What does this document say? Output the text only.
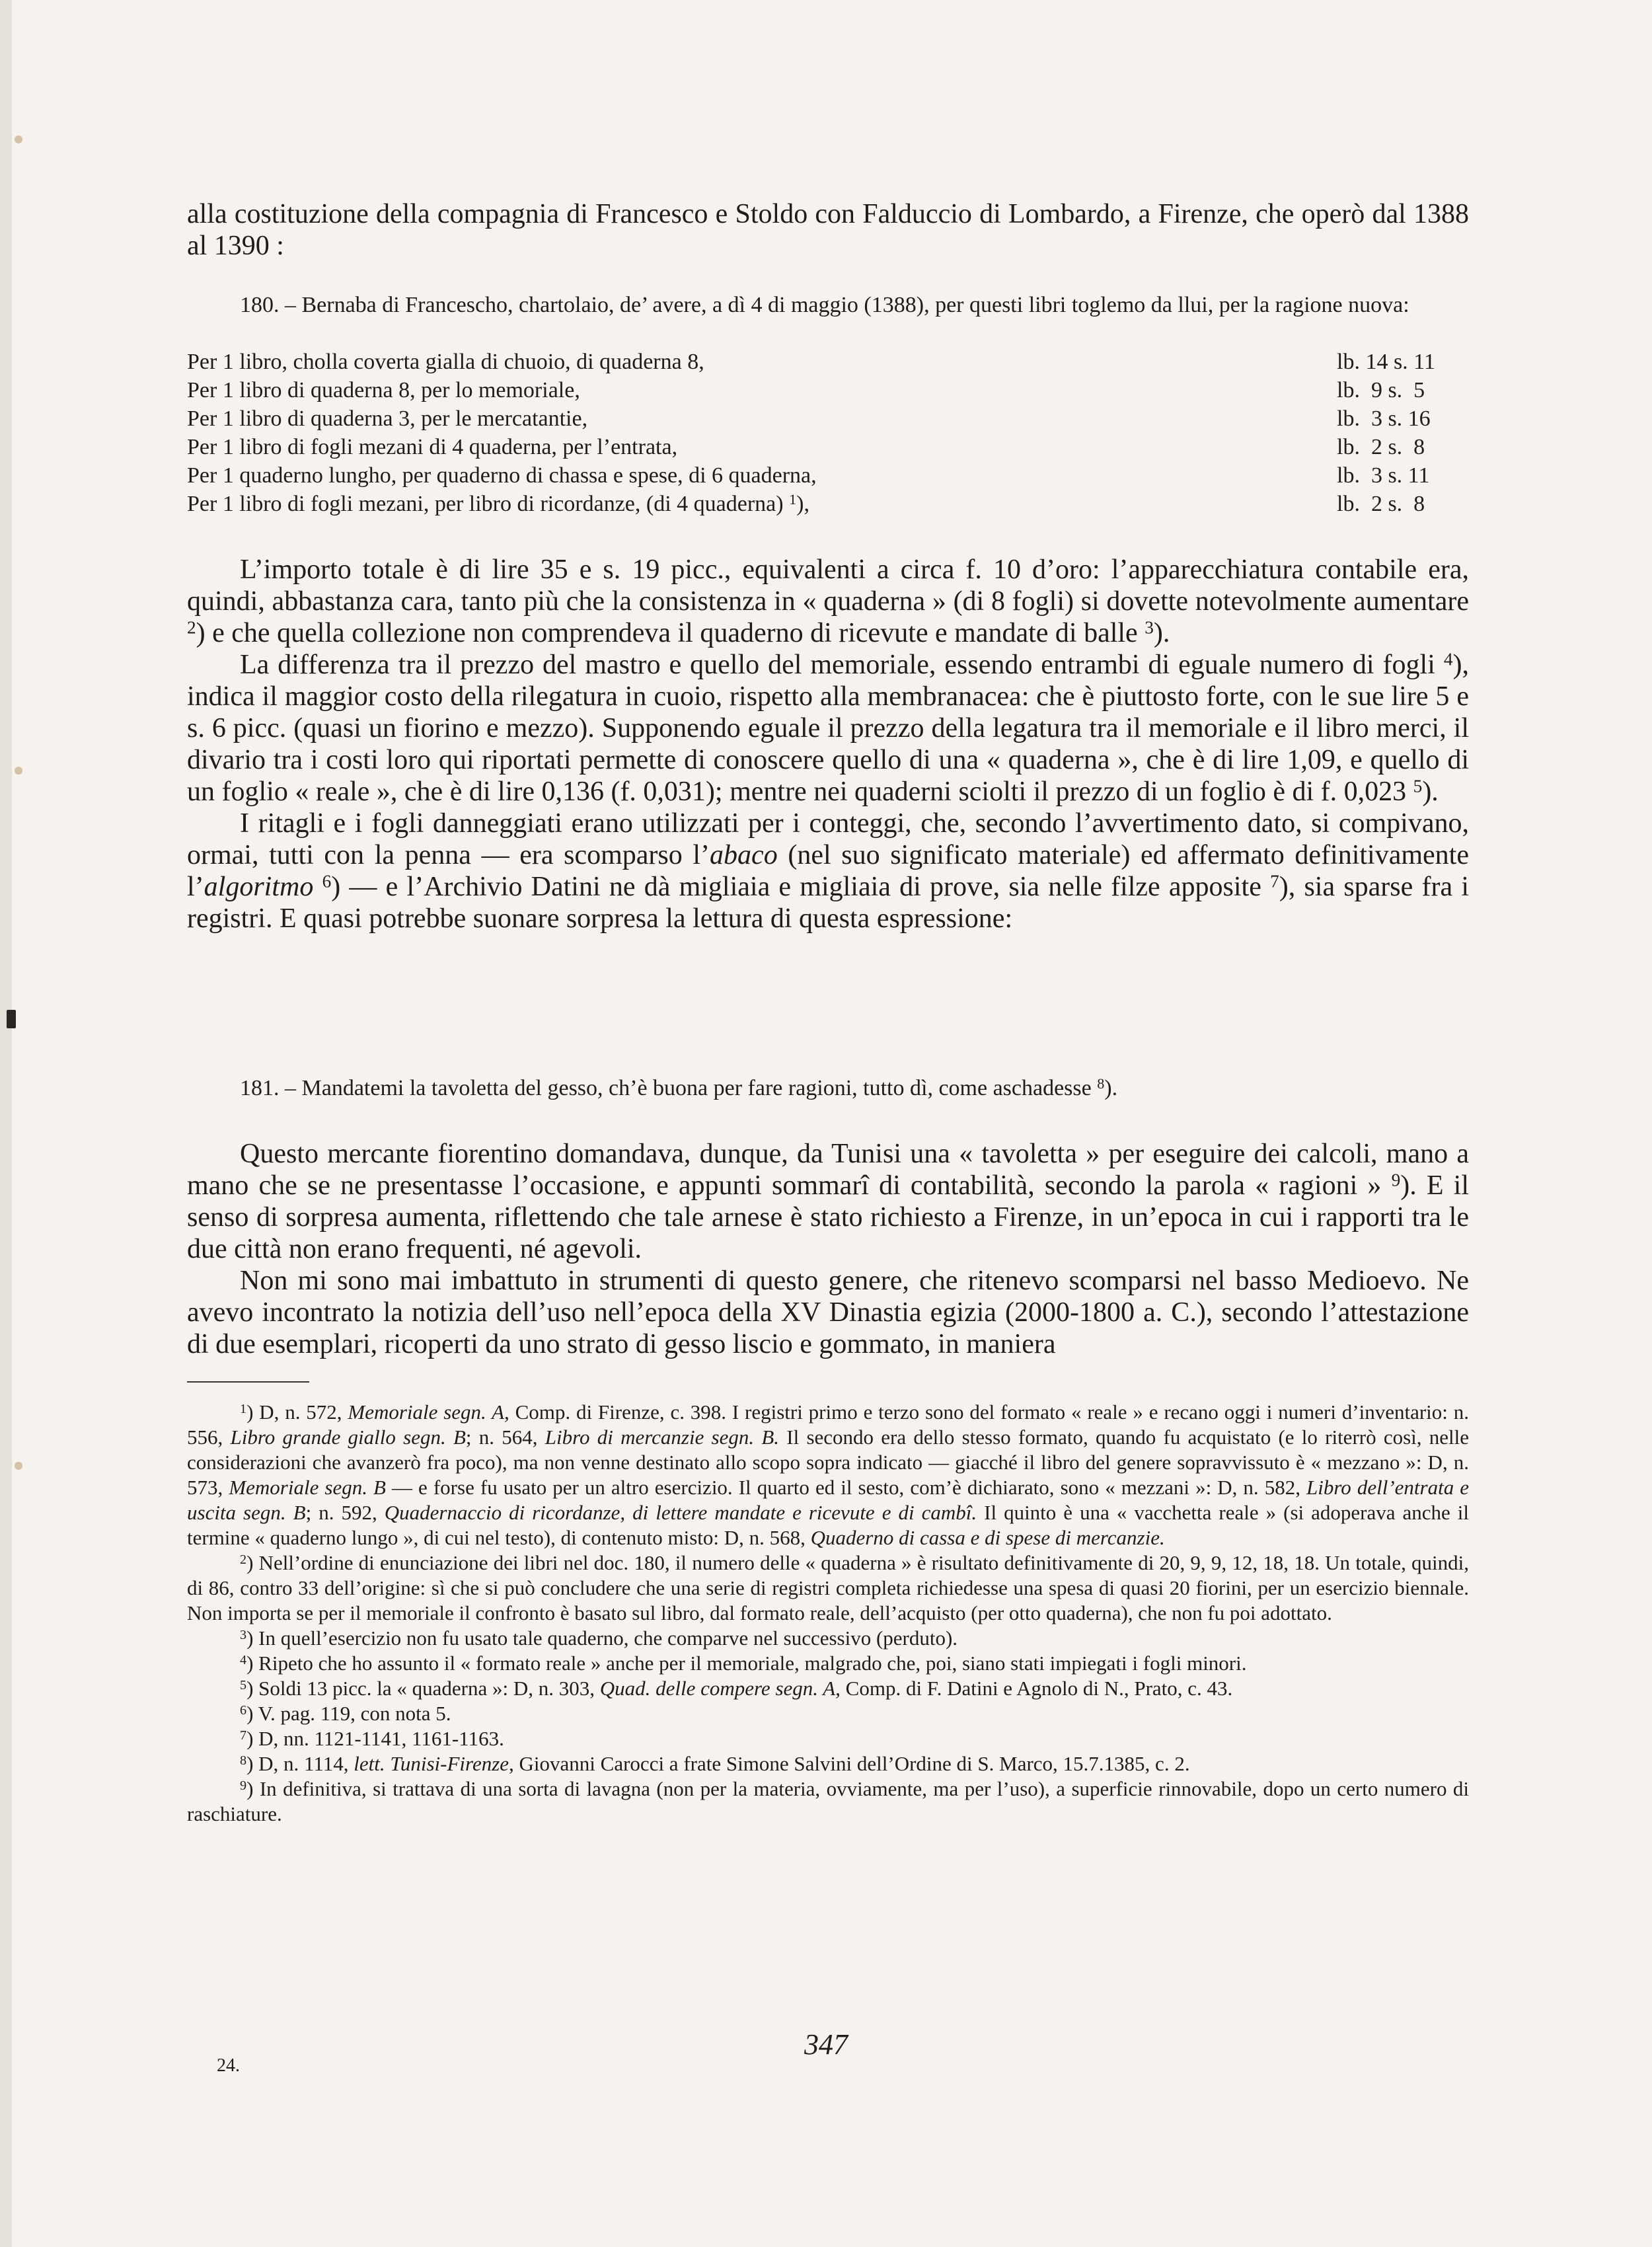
alla costituzione della compagnia di Francesco e Stoldo con Falduccio di Lombardo, a Firenze, che operò dal 1388 al 1390 :

180. – Bernaba di Francescho, chartolaio, de’ avere, a dì 4 di maggio (1388), per questi libri toglemo da llui, per la ragione nuova:

Per 1 libro, cholla coverta gialla di chuoio, di quaderna 8,	lb. 14 s. 11
Per 1 libro di quaderna 8, per lo memoriale,	lb.  9 s.  5
Per 1 libro di quaderna 3, per le mercatantie,	lb.  3 s. 16
Per 1 libro di fogli mezani di 4 quaderna, per l’entrata,	lb.  2 s.  8
Per 1 quaderno lungho, per quaderno di chassa e spese, di 6 quaderna,	lb.  3 s. 11
Per 1 libro di fogli mezani, per libro di ricordanze, (di 4 quaderna) $^1$),	lb.  2 s.  8

L’importo totale è di lire 35 e s. 19 picc., equivalenti a circa f. 10 d’oro: l’apparecchiatura contabile era, quindi, abbastanza cara, tanto più che la consistenza in « quaderna » (di 8 fogli) si dovette notevolmente aumentare $^2$) e che quella collezione non comprendeva il quaderno di ricevute e mandate di balle $^3$).

La differenza tra il prezzo del mastro e quello del memoriale, essendo entrambi di eguale numero di fogli $^4$), indica il maggior costo della rilegatura in cuoio, rispetto alla membranacea: che è piuttosto forte, con le sue lire 5 e s. 6 picc. (quasi un fiorino e mezzo). Supponendo eguale il prezzo della legatura tra il memoriale e il libro merci, il divario tra i costi loro qui riportati permette di conoscere quello di una « quaderna », che è di lire 1,09, e quello di un foglio « reale », che è di lire 0,136 (f. 0,031); mentre nei quaderni sciolti il prezzo di un foglio è di f. 0,023 $^5$).

I ritagli e i fogli danneggiati erano utilizzati per i conteggi, che, secondo l’avvertimento dato, si compivano, ormai, tutti con la penna — era scomparso l’abaco (nel suo significato materiale) ed affermato definitivamente l’algoritmo $^6$) — e l’Archivio Datini ne dà migliaia e migliaia di prove, sia nelle filze apposite $^7$), sia sparse fra i registri. E quasi potrebbe suonare sorpresa la lettura di questa espressione:

181. – Mandatemi la tavoletta del gesso, ch’è buona per fare ragioni, tutto dì, come aschadesse $^8$).

Questo mercante fiorentino domandava, dunque, da Tunisi una « tavoletta » per eseguire dei calcoli, mano a mano che se ne presentasse l’occasione, e appunti sommarî di contabilità, secondo la parola « ragioni » $^9$). E il senso di sorpresa aumenta, riflettendo che tale arnese è stato richiesto a Firenze, in un’epoca in cui i rapporti tra le due città non erano frequenti, né agevoli.

Non mi sono mai imbattuto in strumenti di questo genere, che ritenevo scomparsi nel basso Medioevo. Ne avevo incontrato la notizia dell’uso nell’epoca della XV Dinastia egizia (2000-1800 a. C.), secondo l’attestazione di due esemplari, ricoperti da uno strato di gesso liscio e gommato, in maniera

$^1$) D, n. 572, Memoriale segn. A, Comp. di Firenze, c. 398. I registri primo e terzo sono del formato « reale » e recano oggi i numeri d’inventario: n. 556, Libro grande giallo segn. B; n. 564, Libro di mercanzie segn. B. Il secondo era dello stesso formato, quando fu acquistato (e lo riterrò così, nelle considerazioni che avanzerò fra poco), ma non venne destinato allo scopo sopra indicato — giacché il libro del genere sopravvissuto è « mezzano »: D, n. 573, Memoriale segn. B — e forse fu usato per un altro esercizio. Il quarto ed il sesto, com’è dichiarato, sono « mezzani »: D, n. 582, Libro dell’entrata e uscita segn. B; n. 592, Quadernaccio di ricordanze, di lettere mandate e ricevute e di cambî. Il quinto è una « vacchetta reale » (si adoperava anche il termine « quaderno lungo », di cui nel testo), di contenuto misto: D, n. 568, Quaderno di cassa e di spese di mercanzie.

$^2$) Nell’ordine di enunciazione dei libri nel doc. 180, il numero delle « quaderna » è risultato definitivamente di 20, 9, 9, 12, 18, 18. Un totale, quindi, di 86, contro 33 dell’origine: sì che si può concludere che una serie di registri completa richiedesse una spesa di quasi 20 fiorini, per un esercizio biennale. Non importa se per il memoriale il confronto è basato sul libro, dal formato reale, dell’acquisto (per otto quaderna), che non fu poi adottato.

$^3$) In quell’esercizio non fu usato tale quaderno, che comparve nel successivo (perduto).

$^4$) Ripeto che ho assunto il « formato reale » anche per il memoriale, malgrado che, poi, siano stati impiegati i fogli minori.

$^5$) Soldi 13 picc. la « quaderna »: D, n. 303, Quad. delle compere segn. A, Comp. di F. Datini e Agnolo di N., Prato, c. 43.

$^6$) V. pag. 119, con nota 5.

$^7$) D, nn. 1121-1141, 1161-1163.

$^8$) D, n. 1114, lett. Tunisi-Firenze, Giovanni Carocci a frate Simone Salvini dell’Ordine di S. Marco, 15.7.1385, c. 2.

$^9$) In definitiva, si trattava di una sorta di lavagna (non per la materia, ovviamente, ma per l’uso), a superficie rinnovabile, dopo un certo numero di raschiature.

347
24.
